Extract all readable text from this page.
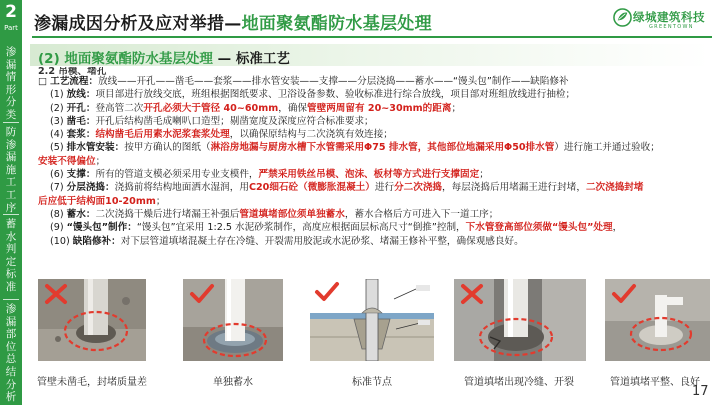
2
Part
渗漏情形分类
防渗漏施工工序
蓄水判定标准
渗漏部位总结分析
渗漏成因分析及应对举措—地面聚氨酯防水基层处理	绿城建筑科技
GREENTOWN
(2) 地面聚氨酯防水基层处理 — 标准工艺
2.2 吊模、堵孔
□ 工艺流程：放线——开孔——凿毛——套浆——排水管安装——支撑——分层浇捣——蓄水——“馒头包”制作——缺陷修补
(1) 放线：项目部进行放线交底，班组根据图纸要求、卫浴设备参数、验收标准进行综合放线，项目部对班组放线进行抽检；
(2) 开孔：登高管二次开孔必须大于管径 40~60mm，确保管壁两周留有 20~30mm的距离；
(3) 凿毛：开孔后结构凿毛成喇叭口造型；剔凿宽度及深度应符合标准要求；
(4) 套浆：结构凿毛后用素水泥浆套浆处理，以确保原结构与二次浇筑有效连接；
(5) 排水管安装：按甲方确认的图纸（淋浴房地漏与厨房水槽下水管需采用Φ75 排水管，其他部位地漏采用Φ50排水管）进行施工并通过验收；
安装不得偏位；
(6) 支撑：所有的管道支模必须采用专业支模件，严禁采用铁丝吊模、泡沫、板材等方式进行支撑固定；
(7) 分层浇捣：浇捣前将结构地面洒水湿润，用C20细石砼（微膨胀混凝土）进行分二次浇捣，每层浇捣后用堵漏王进行封堵，二次浇捣封堵
后应低于结构面10-20mm；
(8) 蓄水：二次浇捣干燥后进行堵漏王补强后管道填堵部位须单独蓄水，蓄水合格后方可进入下一道工序；
(9) “馒头包”制作：“馒头包”宜采用 1:2.5 水泥砂浆制作，高度应根据面层标高尺寸“倒推”控制，下水管登高部位须做“馒头包”处理，
(10) 缺陷修补：对下层管道填堵混凝土存在冷缝、开裂需用胶泥或水泥砂浆、堵漏王修补平整，确保观感良好。
管壁未凿毛，封堵质量差	单独蓄水	标准节点	管道填堵出现冷缝、开裂	管道填堵平整、良好
17
